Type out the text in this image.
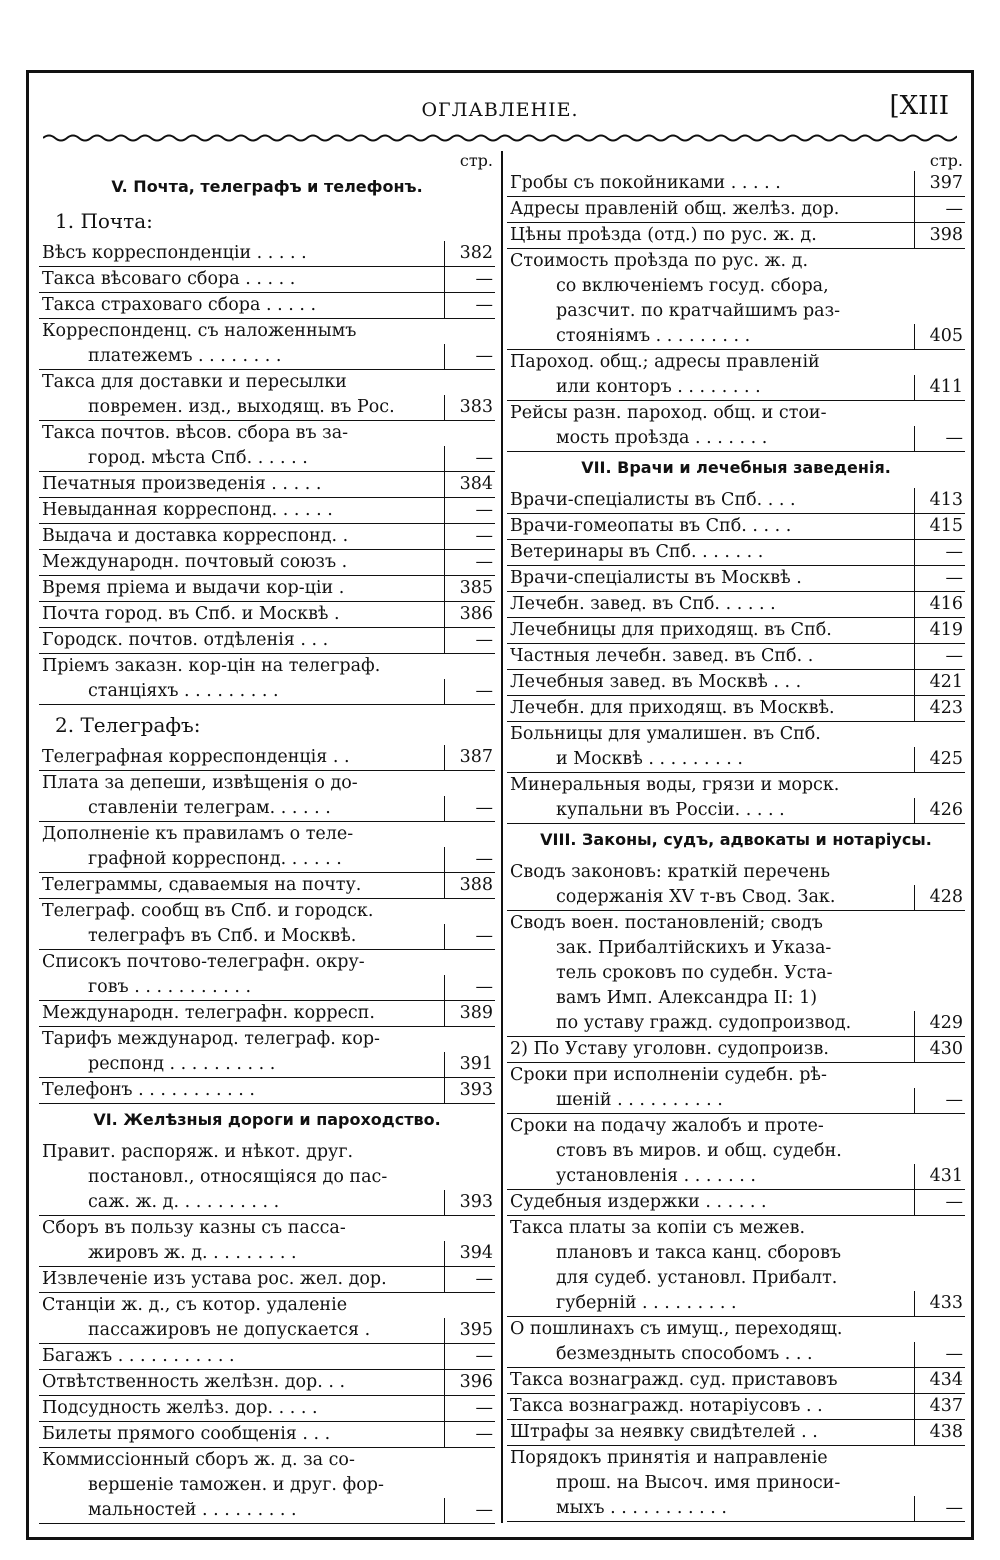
ОГЛАВЛЕНІЕ.	[XIII
стр.
V. Почта, телеграфъ и телефонъ.
1. Почта:
Вѣсъ корреспонденціи . . . . .	382
Такса вѣсоваго сбора . . . . .	—
Такса страховаго сбора . . . . .	—
Корреспонденц. съ наложеннымъ
платежемъ . . . . . . . .	—
Такса для доставки и пересылки
повремен. изд., выходящ. въ Рос.	383
Такса почтов. вѣсов. сбора въ за-
город. мѣста Спб. . . . . .	—
Печатныя произведенія . . . . .	384
Невыданная корреспонд. . . . . .	—
Выдача и доставка корреспонд. .	—
Международн. почтовый союзъ .	—
Время пріема и выдачи кор-ціи .	385
Почта город. въ Спб. и Москвѣ .	386
Городск. почтов. отдѣленія . . .	—
Пріемъ заказн. кор-цін на телеграф.
станціяхъ . . . . . . . . .	—
2. Телеграфъ:
Телеграфная корреспонденція . .	387
Плата за депеши, извѣщенія о до-
ставленіи телеграм. . . . . .	—
Дополненіе къ правиламъ о теле-
графной корреспонд. . . . . .	—
Телеграммы, сдаваемыя на почту.	388
Телеграф. сообщ въ Спб. и городск.
телеграфъ въ Спб. и Москвѣ.	—
Списокъ почтово-телеграфн. окру-
говъ . . . . . . . . . . .	—
Международн. телеграфн. корресп.	389
Тарифъ международ. телеграф. кор-
респонд . . . . . . . . . .	391
Телефонъ . . . . . . . . . . .	393
VI. Желѣзныя дороги и пароходство.
Правит. распоряж. и нѣкот. друг.
постановл., относящіяся до пас-
саж. ж. д. . . . . . . . . .	393
Сборъ въ пользу казны съ пасса-
жировъ ж. д. . . . . . . . .	394
Извлеченіе изъ устава рос. жел. дор.	—
Станціи ж. д., съ котор. удаленіе
пассажировъ не допускается .	395
Багажъ . . . . . . . . . . .	—
Отвѣтственность желѣзн. дор. . .	396
Подсудность желѣз. дор. . . . .	—
Билеты прямого сообщенія . . .	—
Коммиссіонный сборъ ж. д. за со-
вершеніе таможен. и друг. фор-
мальностей . . . . . . . . .	—
стр.
Гробы съ покойниками . . . . .	397
Адресы правленій общ. желѣз. дор.	—
Цѣны проѣзда (отд.) по рус. ж. д.	398
Стоимость проѣзда по рус. ж. д.
со включеніемъ госуд. сбора,
разсчит. по кратчайшимъ раз-
стояніямъ . . . . . . . . .	405
Пароход. общ.; адресы правленій
или конторъ . . . . . . . .	411
Рейсы разн. пароход. общ. и стои-
мость проѣзда . . . . . . .	—
VII. Врачи и лечебныя заведенія.
Врачи-спеціалисты въ Спб. . . .	413
Врачи-гомеопаты въ Спб. . . . .	415
Ветеринары въ Спб. . . . . . .	—
Врачи-спеціалисты въ Москвѣ .	—
Лечебн. завед. въ Спб. . . . . .	416
Лечебницы для приходящ. въ Спб.	419
Частныя лечебн. завед. въ Спб. .	—
Лечебныя завед. въ Москвѣ . . .	421
Лечебн. для приходящ. въ Москвѣ.	423
Больницы для умалишен. въ Спб.
и Москвѣ . . . . . . . . .	425
Минеральныя воды, грязи и морск.
купальни въ Россіи. . . . .	426
VIII. Законы, судъ, адвокаты и нотаріусы.
Сводъ законовъ: краткій перечень
содержанія XV т-въ Свод. Зак.	428
Сводъ воен. постановленій; сводъ
зак. Прибалтійскихъ и Указа-
тель сроковъ по судебн. Уста-
вамъ Имп. Александра II: 1)
по уставу гражд. судопроизвод.	429
2) По Уставу уголовн. судопроизв.	430
Сроки при исполненіи судебн. рѣ-
шеній . . . . . . . . . .	—
Сроки на подачу жалобъ и проте-
стовъ въ миров. и общ. судебн.
установленія . . . . . . .	431
Судебныя издержки . . . . . .	—
Такса платы за копіи съ межев.
плановъ и такса канц. сборовъ
для судеб. установл. Прибалт.
губерній . . . . . . . . .	433
О пошлинахъ съ имущ., переходящ.
безмездныть способомъ . . .	—
Такса вознагражд. суд. приставовъ	434
Такса вознагражд. нотаріусовъ . .	437
Штрафы за неявку свидѣтелей . .	438
Порядокъ принятія и направленіе
прош. на Высоч. имя приноси-
мыхъ . . . . . . . . . . .	—
